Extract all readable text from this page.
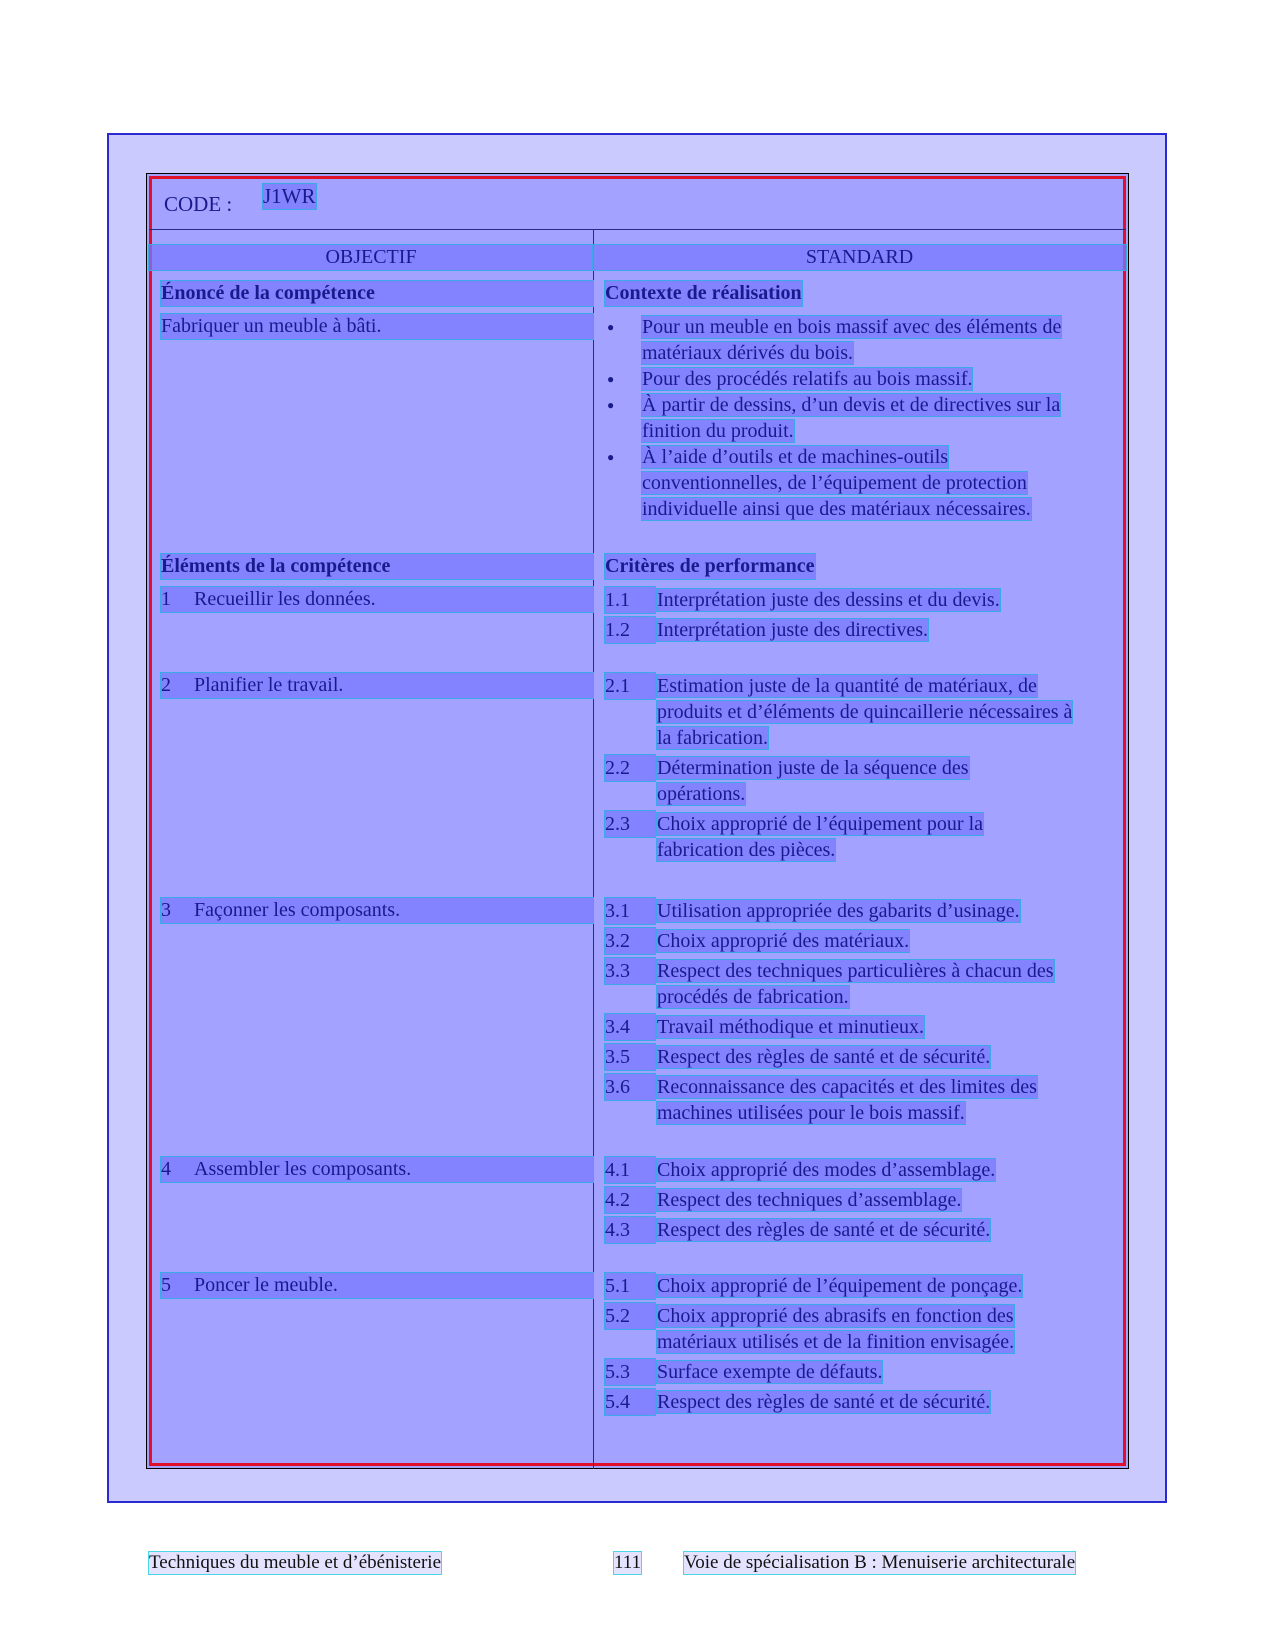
CODE : J1WR
OBJECTIF	STANDARD
Énoncé de la compétence	Contexte de réalisation
Fabriquer un meuble à bâti.
●	Pour un meuble en bois massif avec des éléments de matériaux dérivés du bois.
● Pour des procédés relatifs au bois massif.
● À partir de dessins, d’un devis et de directives sur la finition du produit.
● À l’aide d’outils et de machines-outils conventionnelles, de l’équipement de protection individuelle ainsi que des matériaux nécessaires.
Éléments de la compétence	Critères de performance
1 Recueillir les données.	1.1	Interprétation juste des dessins et du devis.
1.2	Interprétation juste des directives.
2 Planifier le travail.	2.1	Estimation juste de la quantité de matériaux, de produits et d’éléments de quincaillerie nécessaires à la fabrication.
2.2	Détermination juste de la séquence des opérations.
2.3	Choix approprié de l’équipement pour la fabrication des pièces.
3 Façonner les composants.	3.1	Utilisation appropriée des gabarits d’usinage.
3.2	Choix approprié des matériaux.
3.3	Respect des techniques particulières à chacun des procédés de fabrication.
3.4	Travail méthodique et minutieux.
3.5	Respect des règles de santé et de sécurité.
3.6	Reconnaissance des capacités et des limites des machines utilisées pour le bois massif.
4 Assembler les composants.	4.1	Choix approprié des modes d’assemblage.
4.2	Respect des techniques d’assemblage.
4.3	Respect des règles de santé et de sécurité.
5 Poncer le meuble.	5.1	Choix approprié de l’équipement de ponçage.
5.2	Choix approprié des abrasifs en fonction des matériaux utilisés et de la finition envisagée.
5.3	Surface exempte de défauts.
5.4	Respect des règles de santé et de sécurité.
Techniques du meuble et d’ébénisterie	111 Voie de spécialisation B : Menuiserie architecturale
